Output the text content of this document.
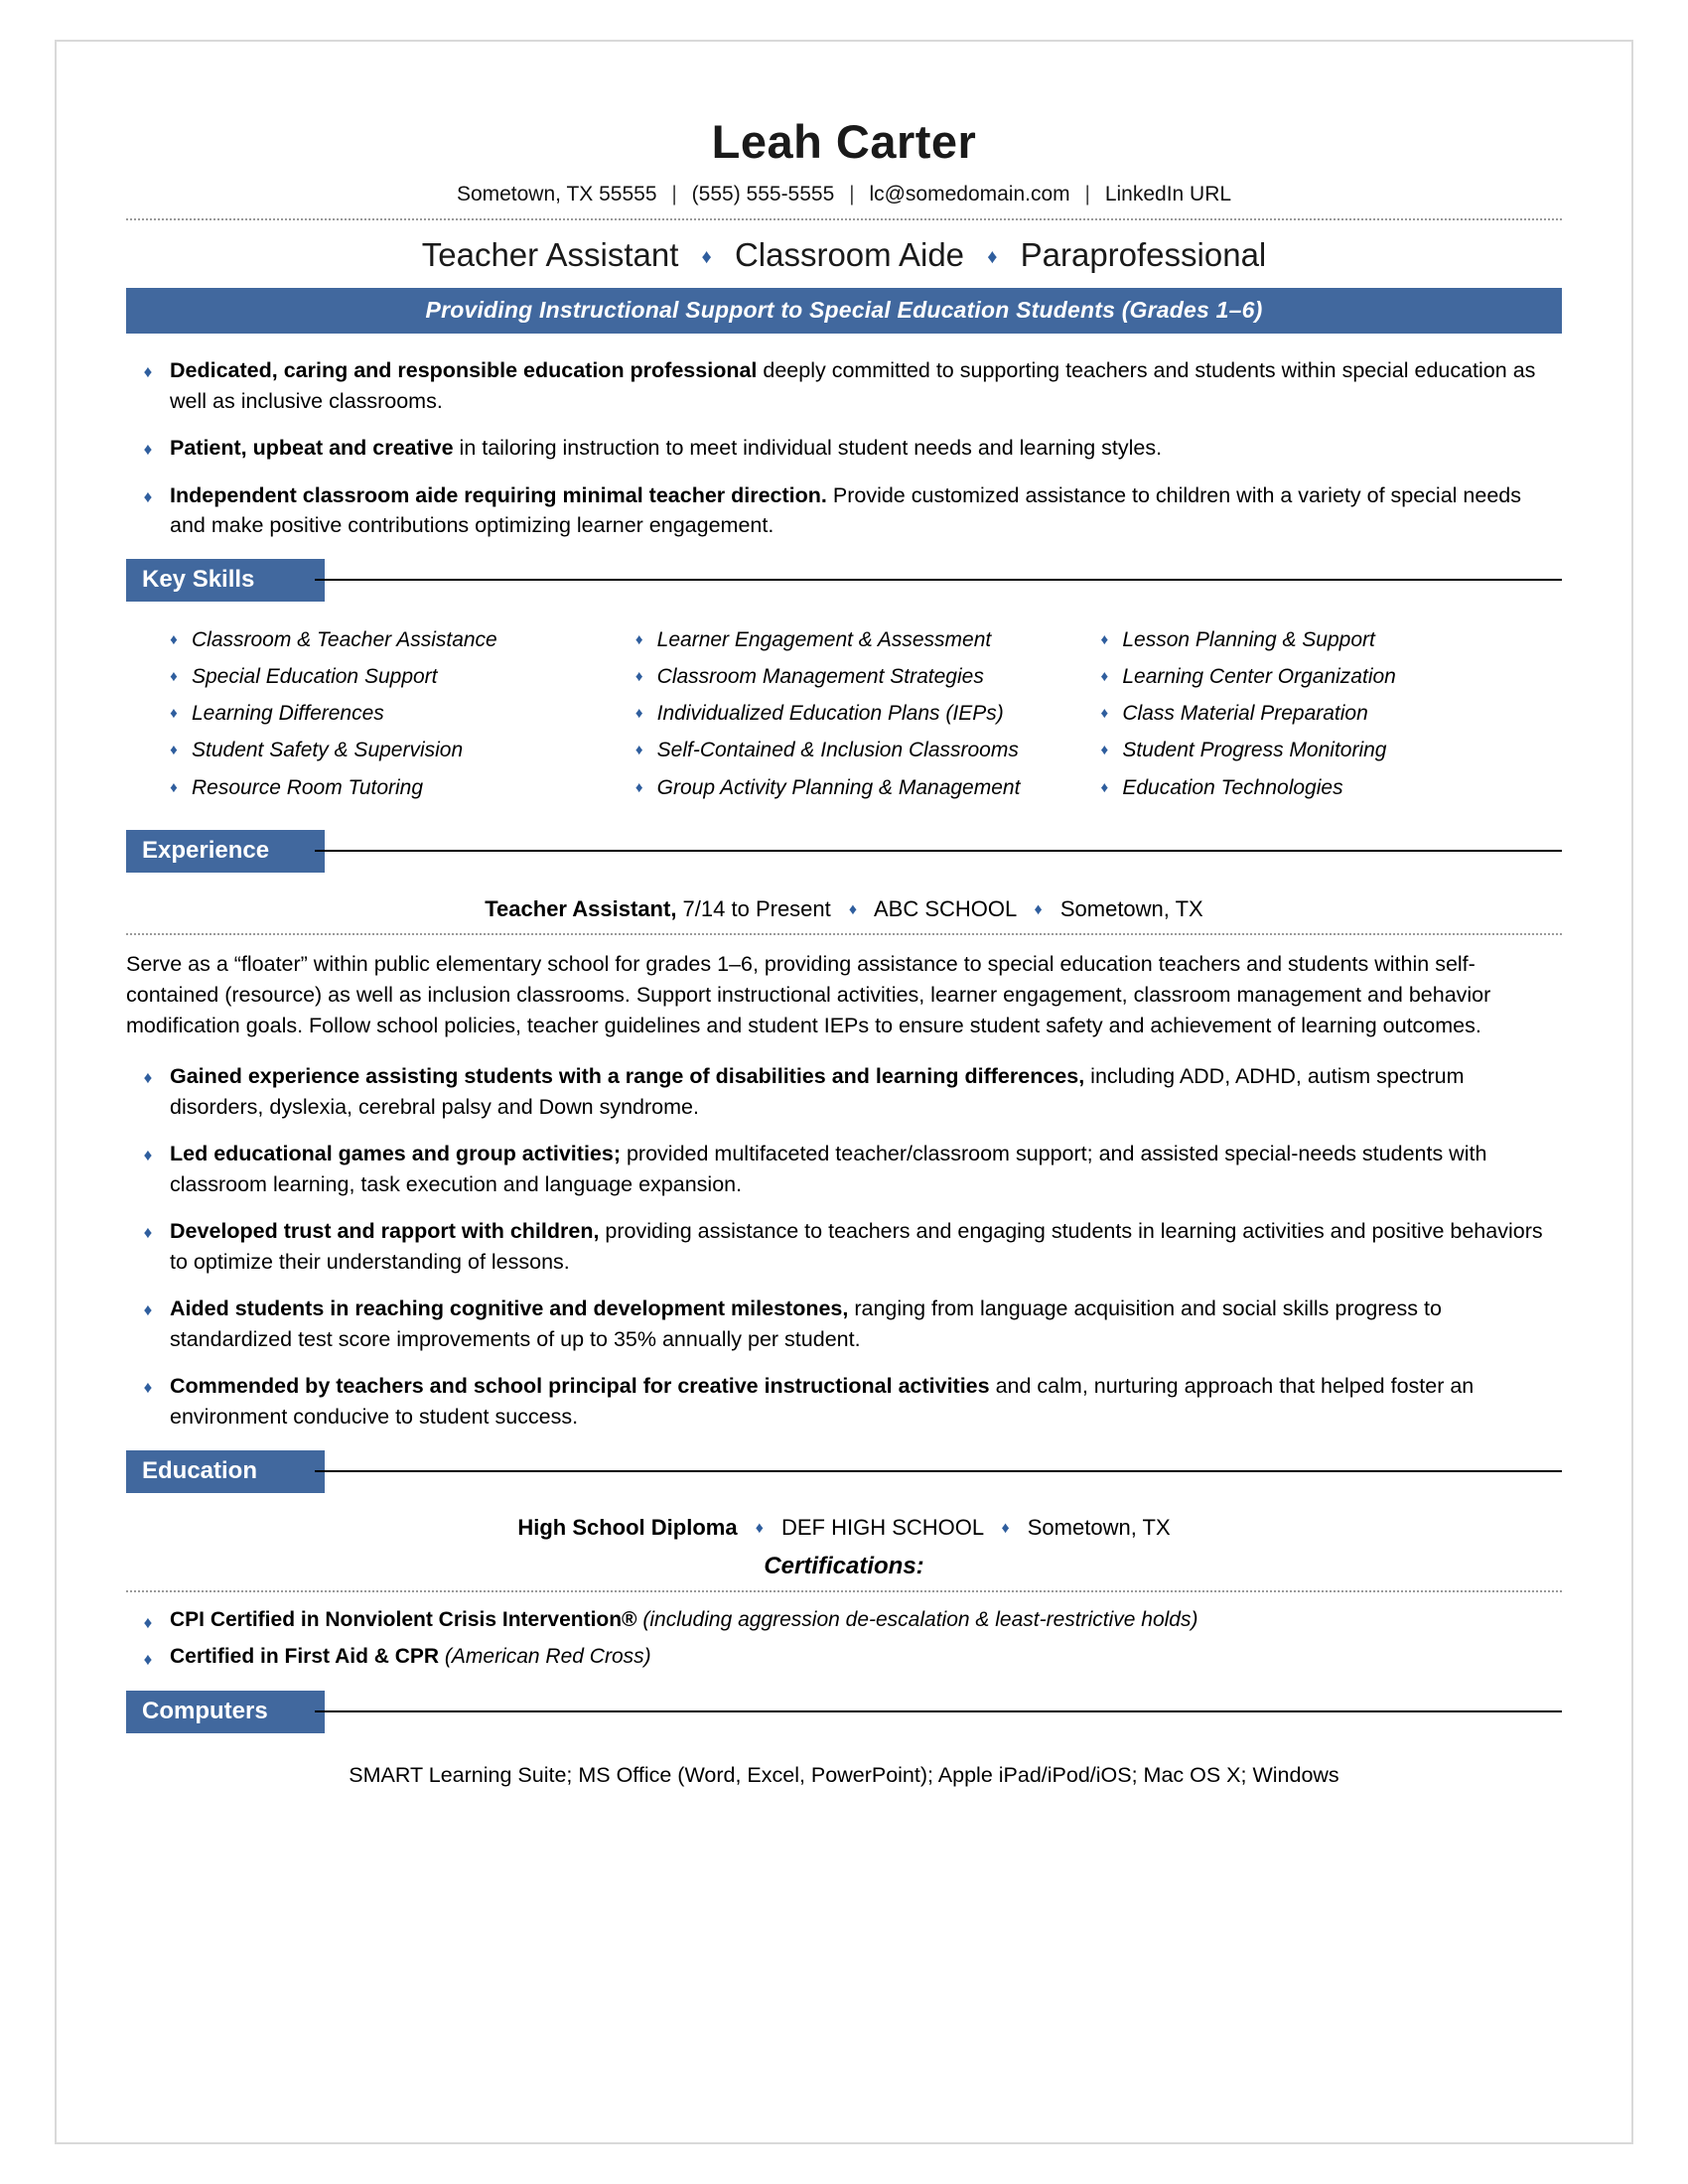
Leah Carter
Sometown, TX 55555 | (555) 555-5555 | lc@somedomain.com | LinkedIn URL
Teacher Assistant ♦ Classroom Aide ♦ Paraprofessional
Providing Instructional Support to Special Education Students (Grades 1–6)
♦ Dedicated, caring and responsible education professional deeply committed to supporting teachers and students within special education as well as inclusive classrooms.
♦ Patient, upbeat and creative in tailoring instruction to meet individual student needs and learning styles.
♦ Independent classroom aide requiring minimal teacher direction. Provide customized assistance to children with a variety of special needs and make positive contributions optimizing learner engagement.
Key Skills
♦ Classroom & Teacher Assistance
♦ Special Education Support
♦ Learning Differences
♦ Student Safety & Supervision
♦ Resource Room Tutoring
♦ Learner Engagement & Assessment
♦ Classroom Management Strategies
♦ Individualized Education Plans (IEPs)
♦ Self-Contained & Inclusion Classrooms
♦ Group Activity Planning & Management
♦ Lesson Planning & Support
♦ Learning Center Organization
♦ Class Material Preparation
♦ Student Progress Monitoring
♦ Education Technologies
Experience
Teacher Assistant, 7/14 to Present ♦ ABC SCHOOL ♦ Sometown, TX
Serve as a “floater” within public elementary school for grades 1–6, providing assistance to special education teachers and students within self-contained (resource) as well as inclusion classrooms. Support instructional activities, learner engagement, classroom management and behavior modification goals. Follow school policies, teacher guidelines and student IEPs to ensure student safety and achievement of learning outcomes.
♦ Gained experience assisting students with a range of disabilities and learning differences, including ADD, ADHD, autism spectrum disorders, dyslexia, cerebral palsy and Down syndrome.
♦ Led educational games and group activities; provided multifaceted teacher/classroom support; and assisted special-needs students with classroom learning, task execution and language expansion.
♦ Developed trust and rapport with children, providing assistance to teachers and engaging students in learning activities and positive behaviors to optimize their understanding of lessons.
♦ Aided students in reaching cognitive and development milestones, ranging from language acquisition and social skills progress to standardized test score improvements of up to 35% annually per student.
♦ Commended by teachers and school principal for creative instructional activities and calm, nurturing approach that helped foster an environment conducive to student success.
Education
High School Diploma ♦ DEF HIGH SCHOOL ♦ Sometown, TX
Certifications:
♦ CPI Certified in Nonviolent Crisis Intervention® (including aggression de-escalation & least-restrictive holds)
♦ Certified in First Aid & CPR (American Red Cross)
Computers
SMART Learning Suite; MS Office (Word, Excel, PowerPoint); Apple iPad/iPod/iOS; Mac OS X; Windows
